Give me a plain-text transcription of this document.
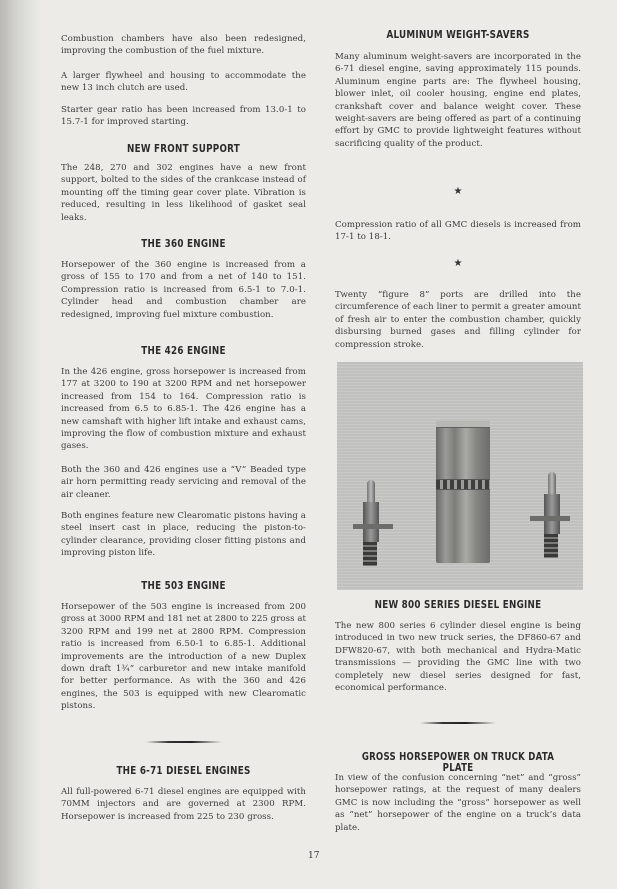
Combustion chambers have also been redesigned, improving the combustion of the fuel mixture.

A larger flywheel and housing to accommodate the new 13 inch clutch are used.

Starter gear ratio has been increased from 13.0-1 to 15.7-1 for improved starting.

NEW FRONT SUPPORT

The 248, 270 and 302 engines have a new front support, bolted to the sides of the crankcase instead of mounting off the timing gear cover plate. Vibration is reduced, resulting in less likelihood of gasket seal leaks.

THE 360 ENGINE

Horsepower of the 360 engine is increased from a gross of 155 to 170 and from a net of 140 to 151. Compression ratio is increased from 6.5-1 to 7.0-1. Cylinder head and combustion chamber are redesigned, improving fuel mixture combustion.

THE 426 ENGINE

In the 426 engine, gross horsepower is increased from 177 at 3200 to 190 at 3200 RPM and net horsepower increased from 154 to 164. Compression ratio is increased from 6.5 to 6.85-1. The 426 engine has a new camshaft with higher lift intake and exhaust cams, improving the flow of combustion mixture and exhaust gases.

Both the 360 and 426 engines use a “V” Beaded type air horn permitting ready servicing and removal of the air cleaner.

Both engines feature new Clearomatic pistons having a steel insert cast in place, reducing the piston-to-cylinder clearance, providing closer fitting pistons and improving piston life.

THE 503 ENGINE

Horsepower of the 503 engine is increased from 200 gross at 3000 RPM and 181 net at 2800 to 225 gross at 3200 RPM and 199 net at 2800 RPM. Compression ratio is increased from 6.50-1 to 6.85-1. Additional improvements are the introduction of a new Duplex down draft 1¾” carburetor and new intake manifold for better performance. As with the 360 and 426 engines, the 503 is equipped with new Clearomatic pistons.

THE 6-71 DIESEL ENGINES

All full-powered 6-71 diesel engines are equipped with 70MM injectors and are governed at 2300 RPM. Horsepower is increased from 225 to 230 gross.

ALUMINUM WEIGHT-SAVERS

Many aluminum weight-savers are incorporated in the 6-71 diesel engine, saving approximately 115 pounds. Aluminum engine parts are: The flywheel housing, blower inlet, oil cooler housing, engine end plates, crankshaft cover and balance weight cover. These weight-savers are being offered as part of a continuing effort by GMC to provide lightweight features without sacrificing quality of the product.

★

Compression ratio of all GMC diesels is increased from 17-1 to 18-1.

★

Twenty “figure 8” ports are drilled into the circumference of each liner to permit a greater amount of fresh air to enter the combustion chamber, quickly disbursing burned gases and filling cylinder for compression stroke.

NEW 800 SERIES DIESEL ENGINE

The new 800 series 6 cylinder diesel engine is being introduced in two new truck series, the DF860-67 and DFW820-67, with both mechanical and Hydra-Matic transmissions — providing the GMC line with two completely new diesel series designed for fast, economical performance.

GROSS HORSEPOWER ON TRUCK DATA PLATE

In view of the confusion concerning “net” and “gross” horsepower ratings, at the request of many dealers GMC is now including the “gross” horsepower as well as “net” horsepower of the engine on a truck’s data plate.

17
